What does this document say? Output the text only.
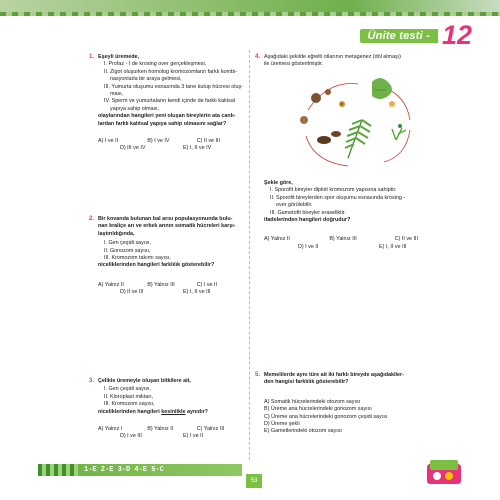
Ünite testi - 12
1. Eşeyli üremede,
I. Profaz - I de krosing over gerçekleşmesi,
II. Zigot oluşurken homolog kromozomların farklı kombi-
nasyonlarla bir araya gelmesi,
III. Yumurta oluşumu esnasında 3 tane kutup hücresi oluş-
ması,
IV. Sperm ve yumurtaların kendi içinde de farklı kalıtsal
yapıya sahip olması,
olaylarından hangileri yeni oluşan bireylerin ata canlı-
lardan farklı kalıtsal yapıya sahip olmasını sağlar?
A) I ve II	B) I ve IV	C) II ve III
D) III ve IV	E) I, II ve IV
2. Bir kovanda bulunan bal arısı populasyonunda bulu-
nan kraliçe arı ve erkek arının somatik hücreleri karşı-
laştırıldığında,
I. Gen çeşidi sayısı,
II. Gonozom sayısı,
III. Kromozom takımı sayısı,
niceliklerinden hangileri farklılık gösterebilir?
A) Yalnız II	B) Yalnız III	C) I ve II
D) II ve III	E) I, II ve III
3. Çelikle üremeyle oluşan bitkilere ait,
I. Gen çeşidi sayısı,
II. Kloroplast miktarı,
III. Kromozom sayısı,
niceliklerinden hangileri kesinlikle aynıdır?
A) Yalnız I	B) Yalnız II	C) Yalnız III
D) I ve III	E) I ve II
4. Aşağıdaki şekilde eğrelti otlarının metagenez (döl almaşı)
ile üremesi gösterilmiştir.
Şekle göre,
I. Sporofit bireyler diploit kromozom yapısına sahiptir.
II. Sporofit bireylerden spor oluşumu esnasında krosing -
over görülebilir.
III. Gametofit bireyler eraseliktir.
ifadelerinden hangileri doğrudur?
A) Yalnız II	B) Yalnız III	C) II ve III
D) I ve II	E) I, II ve III
5. Memelilerde aynı türe ait iki farklı bireyde aşağıdakiler-
den hangisi farklılık gösterebilir?
A) Somatik hücrelerindeki otozom sayısı
B) Üreme ana hücrelerindeki gonozom sayısı
C) Üreme ana hücrelerindeki gonozom çeşidi sayısı
D) Üreme şekli
E) Gametlerindeki otozom sayısı
1-E 2-E 3-D 4-E 5-C
53
